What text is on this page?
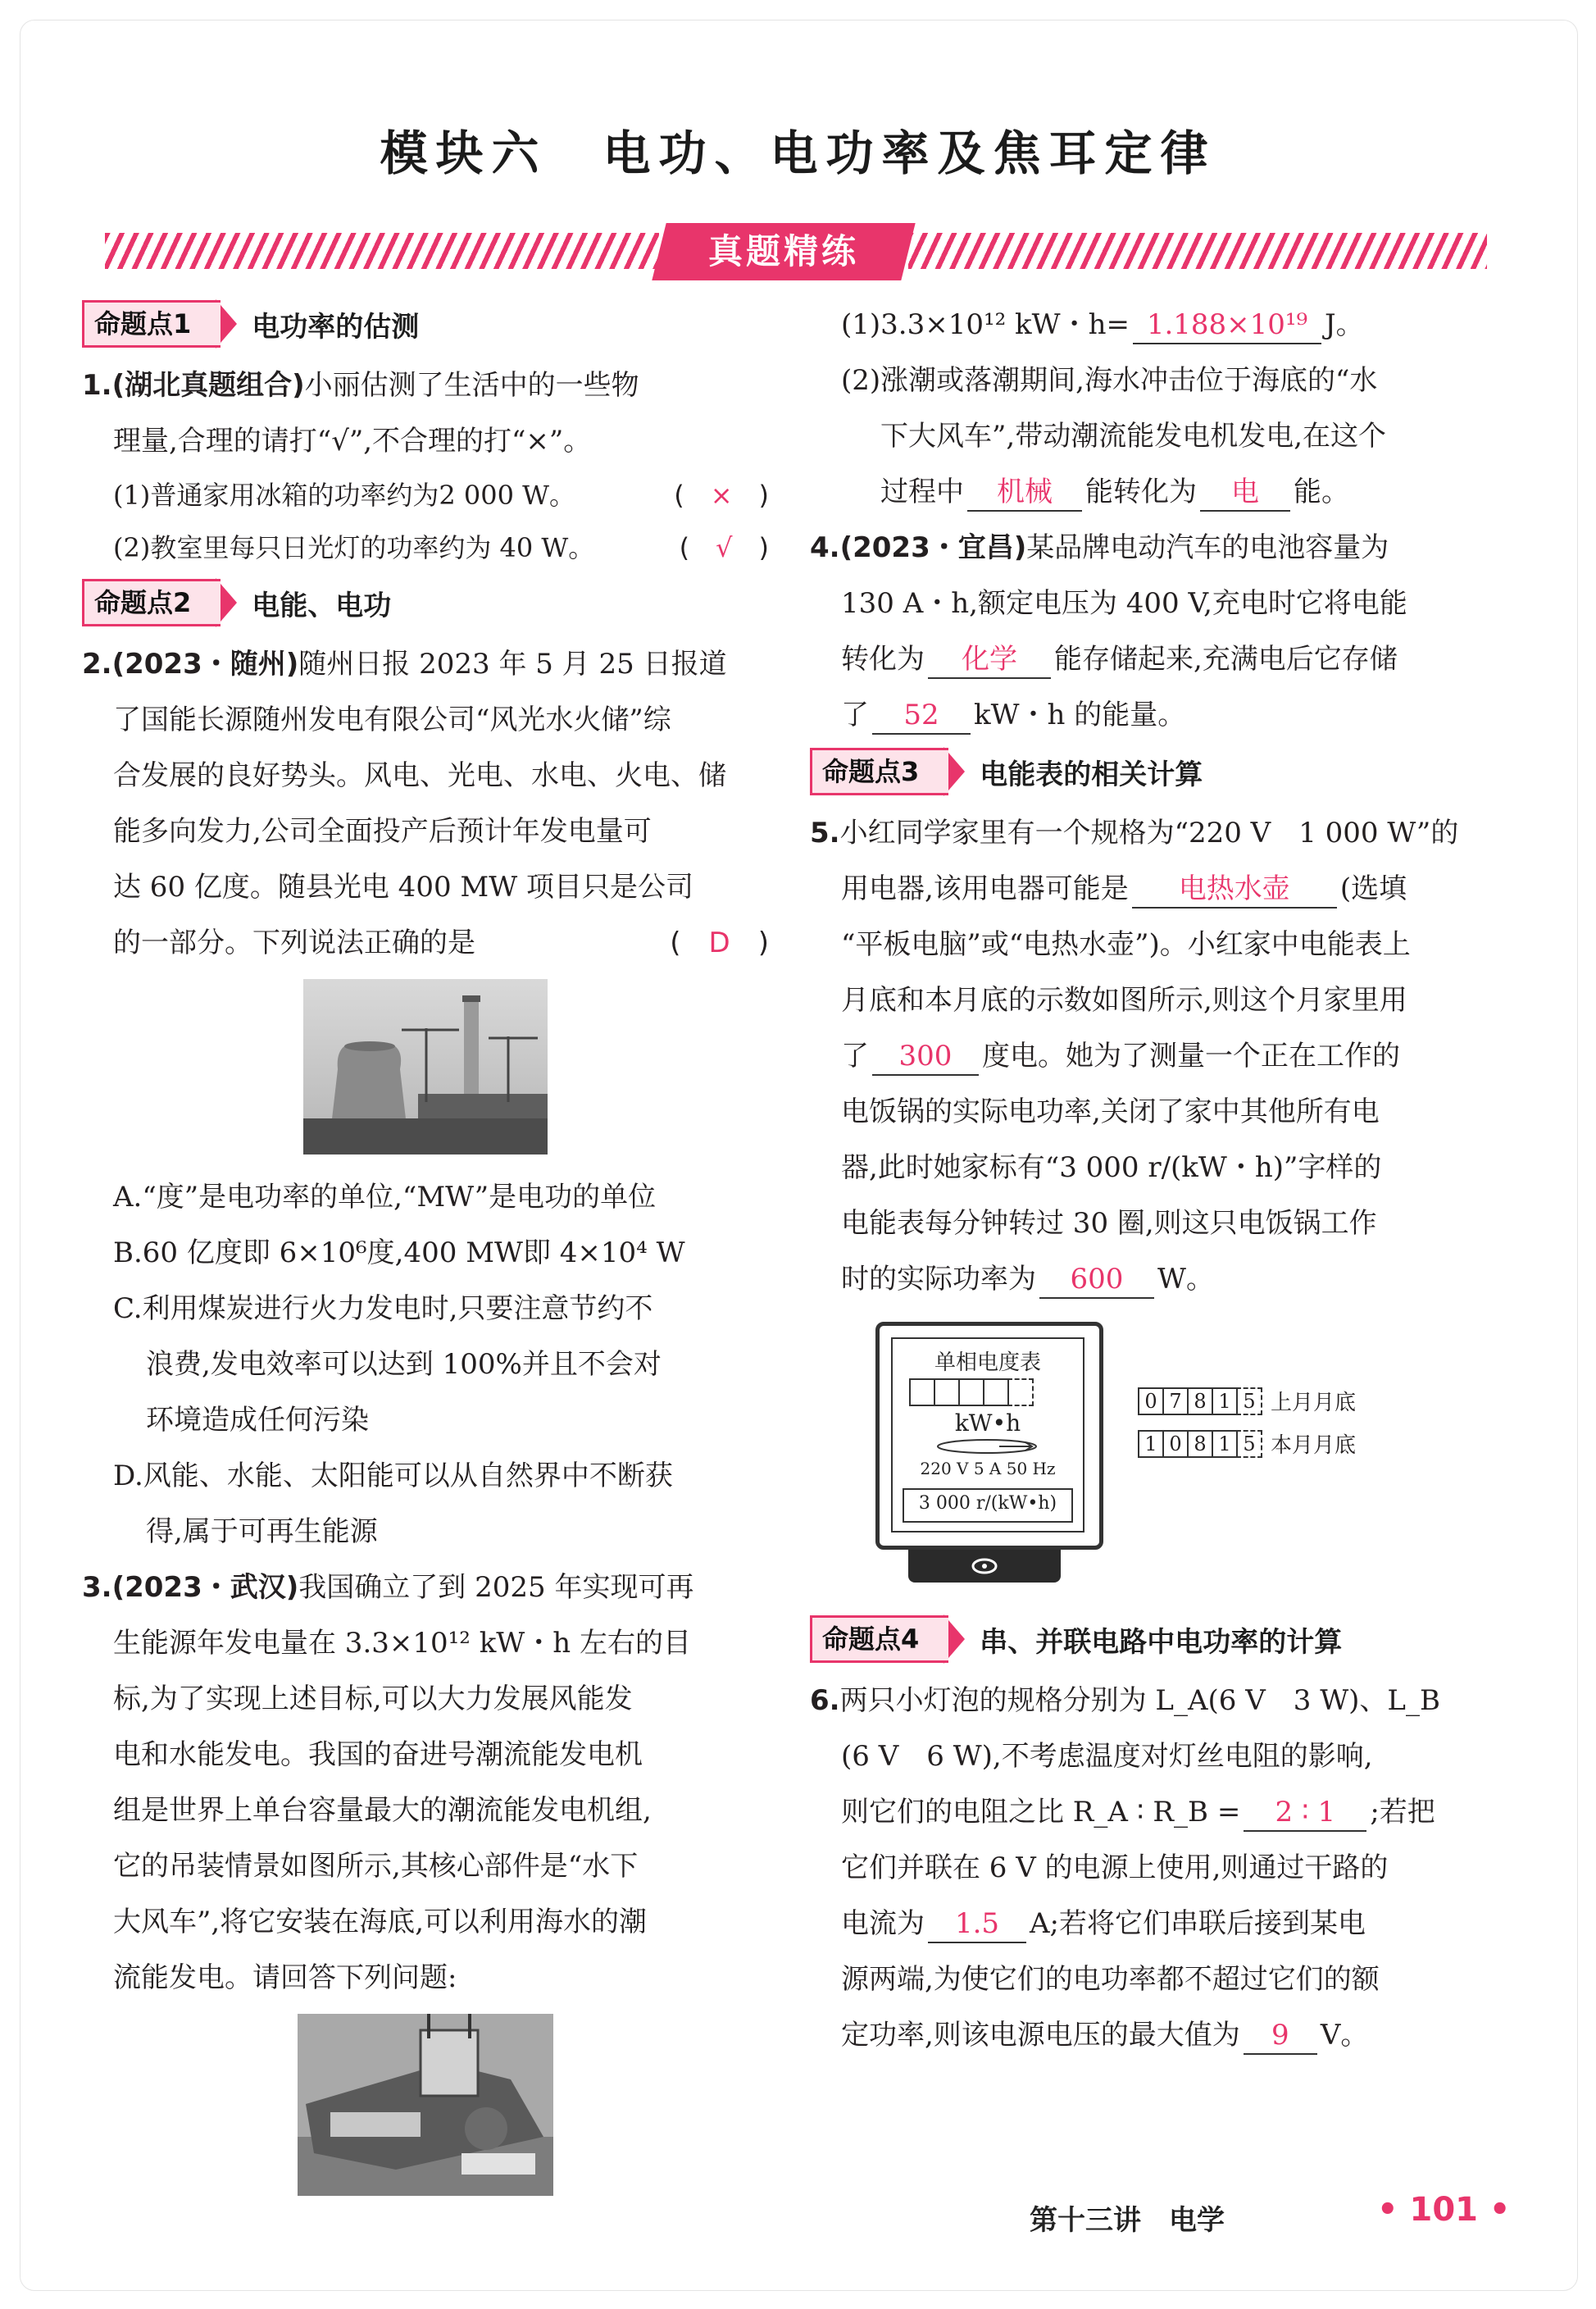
模块六　电功、电功率及焦耳定律
真题精练
命题点1	电功率的估测

1.(湖北真题组合)小丽估测了生活中的一些物

理量,合理的请打“√”,不合理的打“×”。

(1)普通家用冰箱的功率约为2 000 W。	(　×　)
(2)教室里每只日光灯的功率约为 40 W。	(　√　)
命题点2	电能、电功

2.(2023・随州)随州日报 2023 年 5 月 25 日报道

了国能长源随州发电有限公司“风光水火储”综

合发展的良好势头。风电、光电、水电、火电、储

能多向发力,公司全面投产后预计年发电量可

达 60 亿度。随县光电 400 MW 项目只是公司

的一部分。下列说法正确的是	(　D　)

A.“度”是电功率的单位,“MW”是电功的单位

B.60 亿度即 6×10⁶度,400 MW即 4×10⁴ W

C.利用煤炭进行火力发电时,只要注意节约不

浪费,发电效率可以达到 100%并且不会对

环境造成任何污染

D.风能、水能、太阳能可以从自然界中不断获

得,属于可再生能源

3.(2023・武汉)我国确立了到 2025 年实现可再

生能源年发电量在 3.3×10¹² kW・h 左右的目

标,为了实现上述目标,可以大力发展风能发

电和水能发电。我国的奋进号潮流能发电机

组是世界上单台容量最大的潮流能发电机组,

它的吊装情景如图所示,其核心部件是“水下

大风车”,将它安装在海底,可以利用海水的潮

流能发电。请回答下列问题:

(1)3.3×10¹² kW・h= 1.188×10¹⁹ J。

(2)涨潮或落潮期间,海水冲击位于海底的“水

下大风车”,带动潮流能发电机发电,在这个

过程中 机械 能转化为 电 能。

4.(2023・宜昌)某品牌电动汽车的电池容量为

130 A・h,额定电压为 400 V,充电时它将电能

转化为 化学 能存储起来,充满电后它存储

了 52 kW・h 的能量。

命题点3	电能表的相关计算

5.小红同学家里有一个规格为“220 V　1 000 W”的

用电器,该用电器可能是 电热水壶 (选填

“平板电脑”或“电热水壶”)。小红家中电能表上

月底和本月底的示数如图所示,则这个月家里用

了 300 度电。她为了测量一个正在工作的

电饭锅的实际电功率,关闭了家中其他所有电

器,此时她家标有“3 000 r/(kW・h)”字样的

电能表每分钟转过 30 圈,则这只电饭锅工作

时的实际功率为 600 W。

单相电度表
kW•h
220 V 5 A 50 Hz
3 000 r/(kW•h)
0 7 8 1 5 上月月底
1 0 8 1 5 本月月底
命题点4	串、并联电路中电功率的计算

6.两只小灯泡的规格分别为 L_A(6 V　3 W)、L_B

(6 V　6 W),不考虑温度对灯丝电阻的影响,

则它们的电阻之比 R_A ∶ R_B = 2 ∶ 1 ;若把

它们并联在 6 V 的电源上使用,则通过干路的

电流为 1.5 A;若将它们串联后接到某电

源两端,为使它们的电功率都不超过它们的额

定功率,则该电源电压的最大值为 9 V。

第十三讲　电学	• 101 •
